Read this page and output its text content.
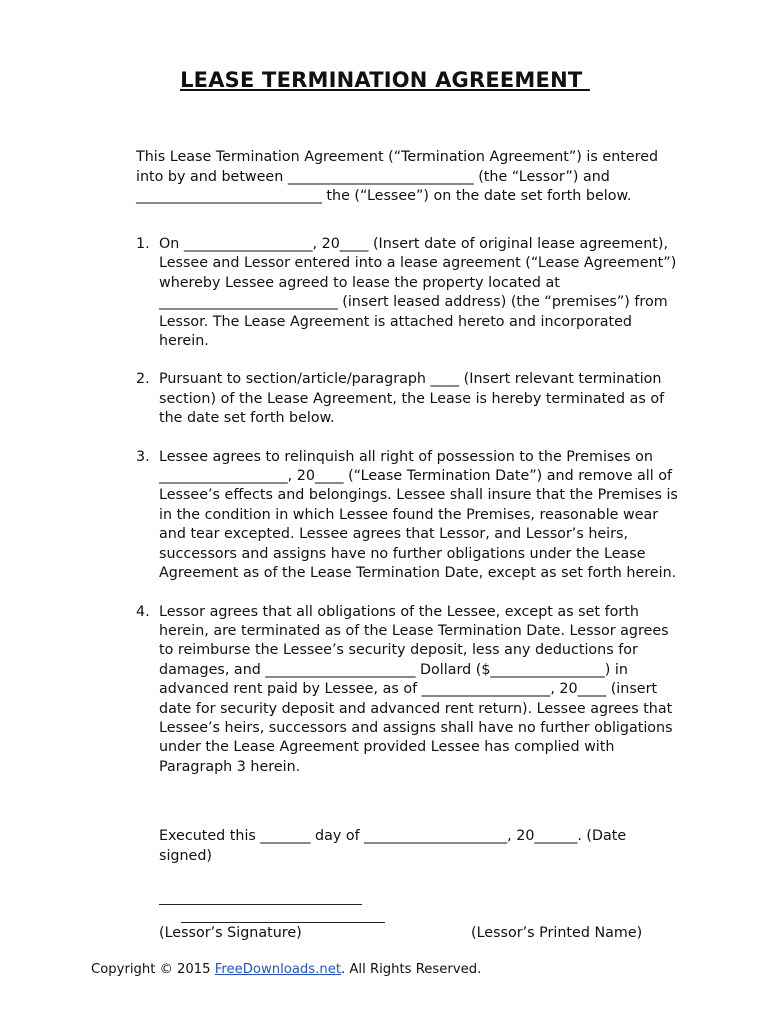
LEASE TERMINATION AGREEMENT
This Lease Termination Agreement (“Termination Agreement”) is entered into by and between __________________________ (the “Lessor”) and __________________________ the (“Lessee”) on the date set forth below.
1. On __________________, 20____ (Insert date of original lease agreement), Lessee and Lessor entered into a lease agreement (“Lease Agreement”) whereby Lessee agreed to lease the property located at _________________________ (insert leased address) (the “premises”) from Lessor. The Lease Agreement is attached hereto and incorporated herein.
2. Pursuant to section/article/paragraph ____ (Insert relevant termination section) of the Lease Agreement, the Lease is hereby terminated as of the date set forth below.
3. Lessee agrees to relinquish all right of possession to the Premises on __________________, 20____ (“Lease Termination Date”) and remove all of Lessee’s effects and belongings. Lessee shall insure that the Premises is in the condition in which Lessee found the Premises, reasonable wear and tear excepted. Lessee agrees that Lessor, and Lessor’s heirs, successors and assigns have no further obligations under the Lease Agreement as of the Lease Termination Date, except as set forth herein.
4. Lessor agrees that all obligations of the Lessee, except as set forth herein, are terminated as of the Lease Termination Date. Lessor agrees to reimburse the Lessee’s security deposit, less any deductions for damages, and _____________________ Dollard ($________________) in advanced rent paid by Lessee, as of __________________, 20____ (insert date for security deposit and advanced rent return). Lessee agrees that Lessee’s heirs, successors and assigns shall have no further obligations under the Lease Agreement provided Lessee has complied with Paragraph 3 herein.
Executed this _______ day of ____________________, 20______. (Date signed)
(Lessor’s Signature)	(Lessor’s Printed Name)
Copyright © 2015 FreeDownloads.net. All Rights Reserved.
